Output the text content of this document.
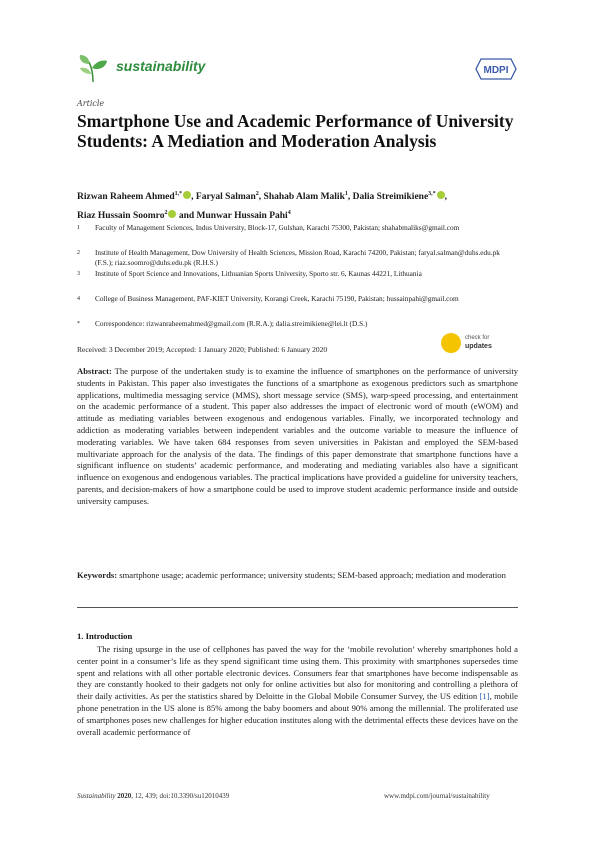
sustainability	MDPI
Article
Smartphone Use and Academic Performance of University Students: A Mediation and Moderation Analysis
Rizwan Raheem Ahmed$^{1,*}$ , Faryal Salman$^2$, Shahab Alam Malik$^1$, Dalia Streimikiene$^{3,*}$ ,
Riaz Hussain Soomro$^2$ and Munwar Hussain Pahi$^4$
1 Faculty of Management Sciences, Indus University, Block-17, Gulshan, Karachi 75300, Pakistan; shahabmaliks@gmail.com
2 Institute of Health Management, Dow University of Health Sciences, Mission Road, Karachi 74200, Pakistan; faryal.salman@duhs.edu.pk (F.S.); riaz.soomro@duhs.edu.pk (R.H.S.)
3 Institute of Sport Science and Innovations, Lithuanian Sports University, Sporto str. 6, Kaunas 44221, Lithuania
4 College of Business Management, PAF-KIET University, Korangi Creek, Karachi 75190, Pakistan; hussainpahi@gmail.com
* Correspondence: rizwanraheemahmed@gmail.com (R.R.A.); dalia.streimikiene@lei.lt (D.S.)
Received: 3 December 2019; Accepted: 1 January 2020; Published: 6 January 2020
check for
updates
Abstract: The purpose of the undertaken study is to examine the influence of smartphones on the performance of university students in Pakistan. This paper also investigates the functions of a smartphone as exogenous predictors such as smartphone applications, multimedia messaging service (MMS), short message service (SMS), warp-speed processing, and entertainment on the academic performance of a student. This paper also addresses the impact of electronic word of mouth (eWOM) and attitude as mediating variables between exogenous and endogenous variables. Finally, we incorporated technology and addiction as moderating variables between independent variables and the outcome variable to measure the influence of moderating variables. We have taken 684 responses from seven universities in Pakistan and employed the SEM-based multivariate approach for the analysis of the data. The findings of this paper demonstrate that smartphone functions have a significant influence on students’ academic performance, and moderating and mediating variables also have a significant influence on exogenous and endogenous variables. The practical implications have provided a guideline for university teachers, parents, and decision-makers of how a smartphone could be used to improve student academic performance inside and outside university campuses.
Keywords: smartphone usage; academic performance; university students; SEM-based approach; mediation and moderation
1. Introduction
The rising upsurge in the use of cellphones has paved the way for the ‘mobile revolution’ whereby smartphones hold a center point in a consumer’s life as they spend significant time using them. This proximity with smartphones supersedes time spent and relations with all other portable electronic devices. Consumers fear that smartphones have become indispensable as they are constantly hooked to their gadgets not only for online activities but also for monitoring and controlling a plethora of their daily activities. As per the statistics shared by Deloitte in the Global Mobile Consumer Survey, the US edition [1], mobile phone penetration in the US alone is 85% among the baby boomers and about 90% among the millennial. The proliferated use of smartphones poses new challenges for higher education institutes along with the detrimental effects these devices have on the overall academic performance of
Sustainability 2020, 12, 439; doi:10.3390/su12010439	www.mdpi.com/journal/sustainability
